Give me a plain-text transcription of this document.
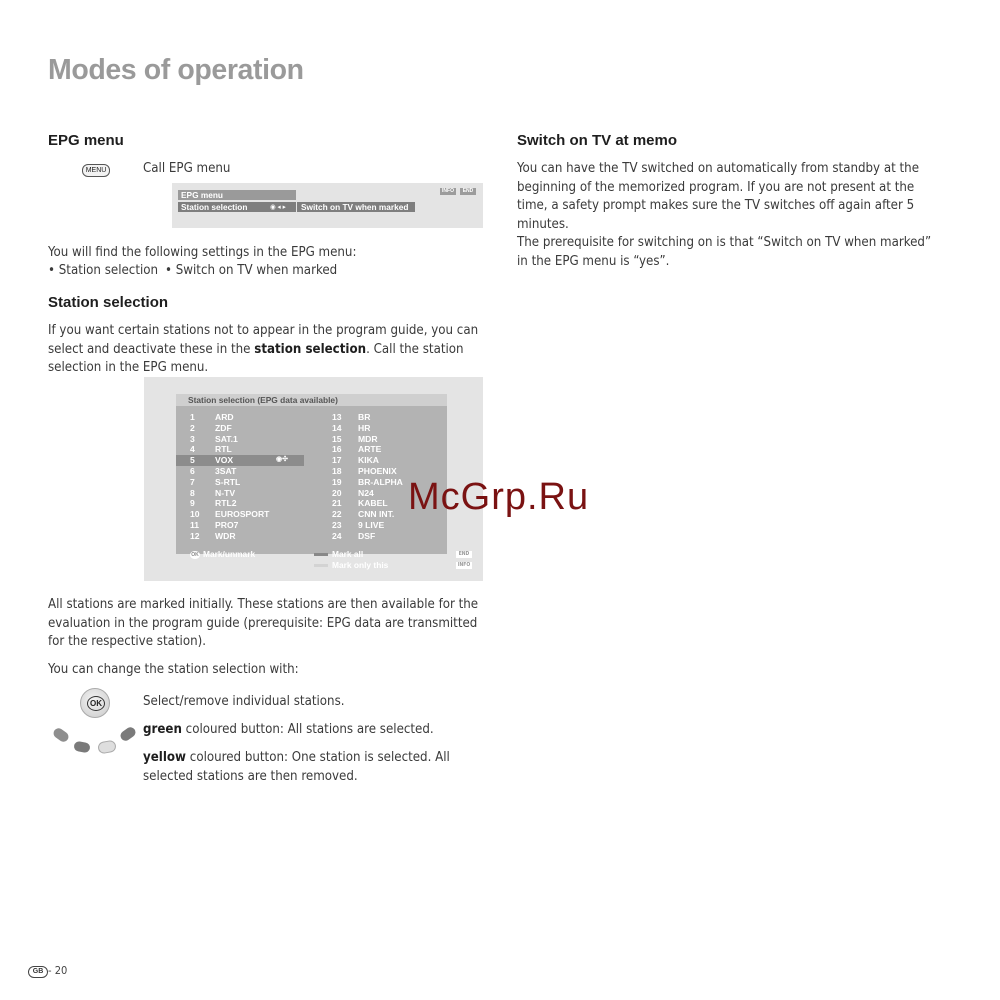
Modes of operation
EPG menu
MENU	Call EPG menu
EPG menu
Station selection	◉ ◂ ▸	Switch on TV when marked
INFO	END
You will find the following settings in the EPG menu:
• Station selection • Switch on TV when marked
Station selection

If you want certain stations not to appear in the program guide, you can select and deactivate these in the station selection. Call the station selection in the EPG menu.

Station selection (EPG data available)
1 ARD	13 BR
2 ZDF	14 HR
3 SAT.1	15 MDR
4 RTL	16 ARTE
5 VOX	17 KIKA
◉✣
6 3SAT	18 PHOENIX
7 S-RTL	19 BR-ALPHA
8 N-TV	20 N24
9 RTL2	21 KABEL
10 EUROSPORT	22 CNN INT.
11 PRO7	23 9 LIVE
12 WDR	24 DSF
OK Mark/unmark	Mark all
Mark only this
END
INFO

All stations are marked initially. These stations are then available for the evaluation in the program guide (prerequisite: EPG data are transmitted for the respective station).

You can change the station selection with:
OK	Select/remove individual stations.

green coloured button: All stations are selected.

yellow coloured button: One station is selected. All selected stations are then removed.

Switch on TV at memo

You can have the TV switched on automatically from standby at the beginning of the memorized program. If you are not present at the time, a safety prompt makes sure the TV switches off again after 5 minutes.
The prerequisite for switching on is that “Switch on TV when marked” in the EPG menu is “yes”.

McGrp.Ru
GB - 20
